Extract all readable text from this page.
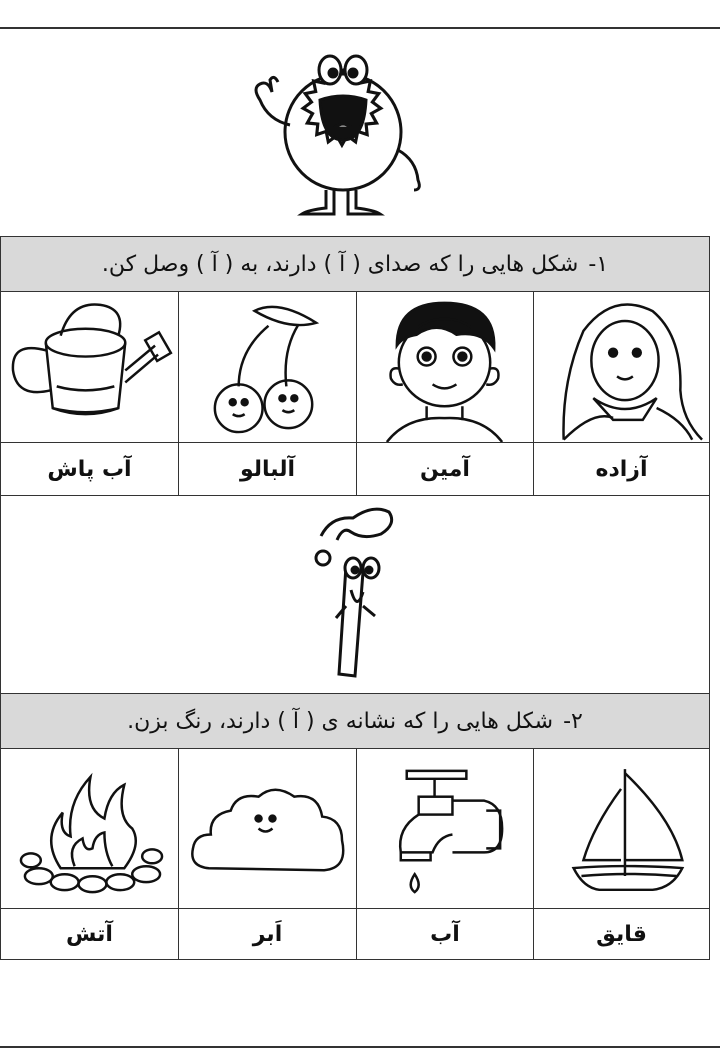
۱-
شکل هایی را که صدای ( آ ) دارند، به ( آ ) وصل کن.
آزاده
آمین
آلبالو
آب پاش
۲-
شکل هایی را که نشانه ی ( آ ) دارند، رنگ بزن.
قایق
آب
اَبر
آتش
